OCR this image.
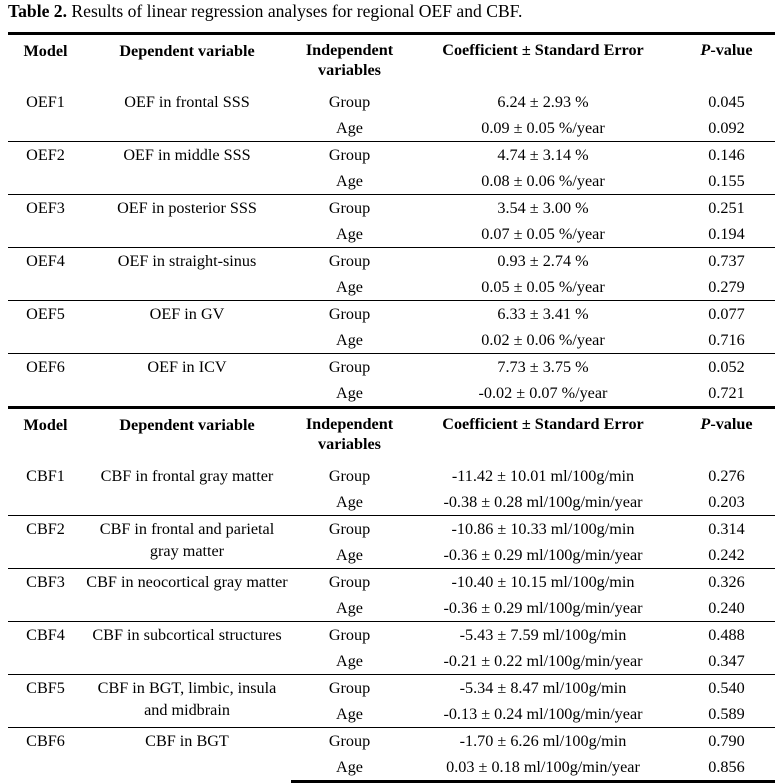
Table 2. Results of linear regression analyses for regional OEF and CBF.
Model	Dependent variable	Independent variables	Coefficient ± Standard Error	P-value
OEF1	OEF in frontal SSS	Group	6.24 ± 2.93 %	0.045
		Age	0.09 ± 0.05 %/year	0.092
OEF2	OEF in middle SSS	Group	4.74 ± 3.14 %	0.146
		Age	0.08 ± 0.06 %/year	0.155
OEF3	OEF in posterior SSS	Group	3.54 ± 3.00 %	0.251
		Age	0.07 ± 0.05 %/year	0.194
OEF4	OEF in straight-sinus	Group	0.93 ± 2.74 %	0.737
		Age	0.05 ± 0.05 %/year	0.279
OEF5	OEF in GV	Group	6.33 ± 3.41 %	0.077
		Age	0.02 ± 0.06 %/year	0.716
OEF6	OEF in ICV	Group	7.73 ± 3.75 %	0.052
		Age	-0.02 ± 0.07 %/year	0.721
Model	Dependent variable	Independent variables	Coefficient ± Standard Error	P-value
CBF1	CBF in frontal gray matter	Group	-11.42 ± 10.01 ml/100g/min	0.276
		Age	-0.38 ± 0.28 ml/100g/min/year	0.203
CBF2	CBF in frontal and parietal gray matter	Group	-10.86 ± 10.33 ml/100g/min	0.314
		Age	-0.36 ± 0.29 ml/100g/min/year	0.242
CBF3	CBF in neocortical gray matter	Group	-10.40 ± 10.15 ml/100g/min	0.326
		Age	-0.36 ± 0.29 ml/100g/min/year	0.240
CBF4	CBF in subcortical structures	Group	-5.43 ± 7.59 ml/100g/min	0.488
		Age	-0.21 ± 0.22 ml/100g/min/year	0.347
CBF5	CBF in BGT, limbic, insula and midbrain	Group	-5.34 ± 8.47 ml/100g/min	0.540
		Age	-0.13 ± 0.24 ml/100g/min/year	0.589
CBF6	CBF in BGT	Group	-1.70 ± 6.26 ml/100g/min	0.790
		Age	0.03 ± 0.18 ml/100g/min/year	0.856
